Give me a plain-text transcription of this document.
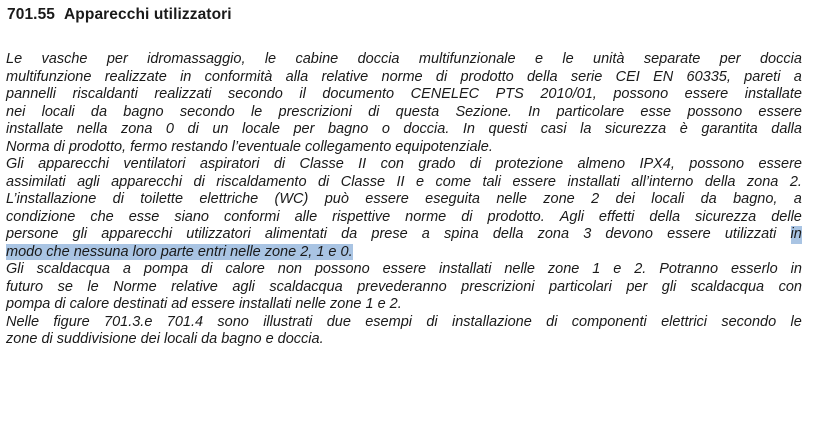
701.55 Apparecchi utilizzatori
Le vasche per idromassaggio, le cabine doccia multifunzionale e le unità separate per doccia
multifunzione realizzate in conformità alla relative norme di prodotto della serie CEI EN 60335, pareti a
pannelli riscaldanti realizzati secondo il documento CENELEC PTS 2010/01, possono essere installate
nei locali da bagno secondo le prescrizioni di questa Sezione. In particolare esse possono essere
installate nella zona 0 di un locale per bagno o doccia. In questi casi la sicurezza è garantita dalla
Norma di prodotto, fermo restando l’eventuale collegamento equipotenziale.
Gli apparecchi ventilatori aspiratori di Classe II con grado di protezione almeno IPX4, possono essere
assimilati agli apparecchi di riscaldamento di Classe II e come tali essere installati all’interno della zona 2.
L’installazione di toilette elettriche (WC) può essere eseguita nelle zone 2 dei locali da bagno, a
condizione che esse siano conformi alle rispettive norme di prodotto. Agli effetti della sicurezza delle
persone gli apparecchi utilizzatori alimentati da prese a spina della zona 3 devono essere utilizzati in
modo che nessuna loro parte entri nelle zone 2, 1 e 0.
Gli scaldacqua a pompa di calore non possono essere installati nelle zone 1 e 2. Potranno esserlo in
futuro se le Norme relative agli scaldacqua prevederanno prescrizioni particolari per gli scaldacqua con
pompa di calore destinati ad essere installati nelle zone 1 e 2.
Nelle figure 701.3.e 701.4 sono illustrati due esempi di installazione di componenti elettrici secondo le
zone di suddivisione dei locali da bagno e doccia.
